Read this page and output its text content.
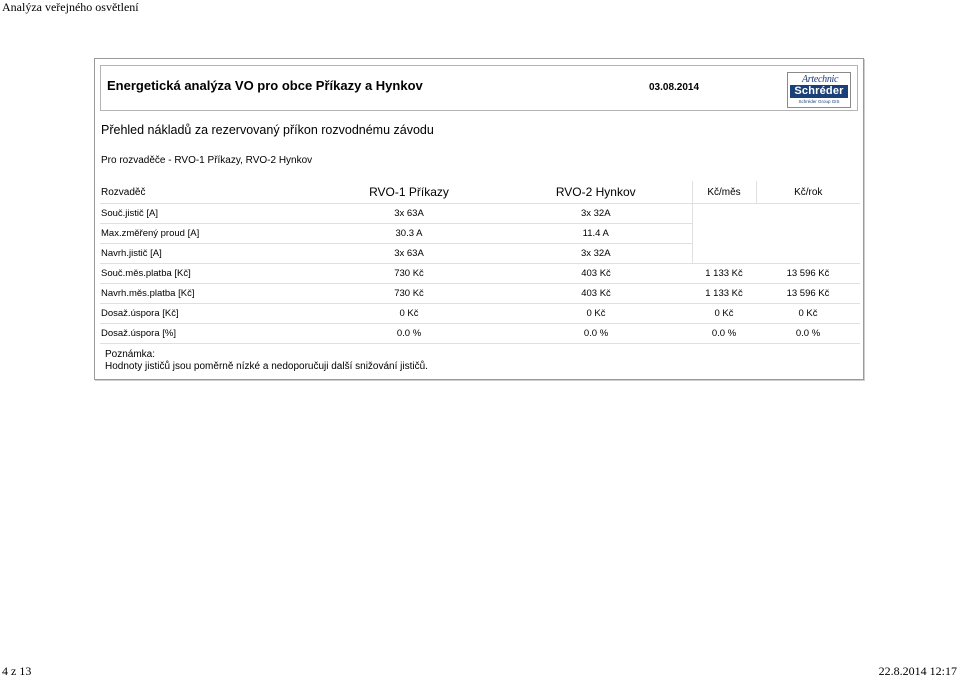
Analýza veřejného osvětlení
Energetická analýza VO pro obce Příkazy a Hynkov	03.08.2014
Artechnic
Schréder
Schréder Group GIS
Přehled nákladů za rezervovaný příkon rozvodnému závodu
Pro rozvaděče - RVO-1 Příkazy, RVO-2 Hynkov
Rozvaděč	RVO-1 Příkazy	RVO-2 Hynkov	Kč/měs	Kč/rok
Souč.jistič [A]	3x 63A	3x 32A		
Max.změřený proud [A]	30.3 A	11.4 A		
Navrh.jistič [A]	3x 63A	3x 32A		
Souč.měs.platba [Kč]	730 Kč	403 Kč	1 133 Kč	13 596 Kč
Navrh.měs.platba [Kč]	730 Kč	403 Kč	1 133 Kč	13 596 Kč
Dosaž.úspora [Kč]	0 Kč	0 Kč	0 Kč	0 Kč
Dosaž.úspora [%]	0.0 %	0.0 %	0.0 %	0.0 %
Poznámka:
Hodnoty jističů jsou poměrně nízké a nedoporučuji další snižování jističů.
4 z 13	22.8.2014 12:17
